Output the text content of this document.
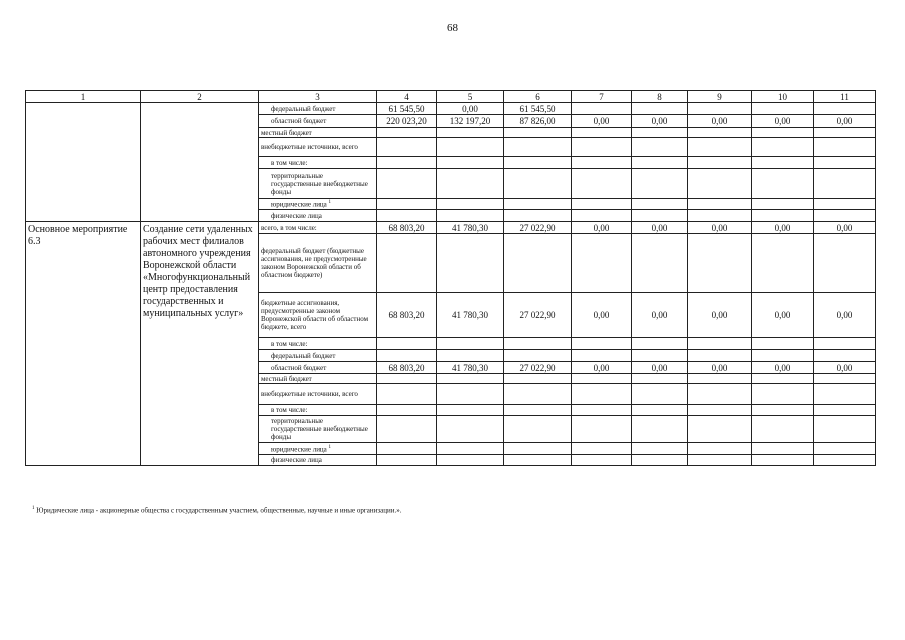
68
1	2	3	4	5	6	7	8	9	10	11
		федеральный бюджет	61 545,50	0,00	61 545,50					
		областной бюджет	220 023,20	132 197,20	87 826,00	0,00	0,00	0,00	0,00	0,00
		местный бюджет								
		внебюджетные источники, всего								
		в том числе:								
		территориальные государственные внебюджетные фонды								
		юридические лица $^1$								
		физические лица								
Основное мероприятие 6.3	Создание сети удаленных рабочих мест филиалов автономного учреждения Воронежской области «Многофункциональный центр предоставления государственных и муниципальных услуг»	всего, в том числе:	68 803,20	41 780,30	27 022,90	0,00	0,00	0,00	0,00	0,00
		федеральный бюджет (бюджетные ассигнования, не предусмотренные законом Воронежской области об областном бюджете)								
		бюджетные ассигнования, предусмотренные законом Воронежской области об областном бюджете, всего	68 803,20	41 780,30	27 022,90	0,00	0,00	0,00	0,00	0,00
		в том числе:								
		федеральный бюджет								
		областной бюджет	68 803,20	41 780,30	27 022,90	0,00	0,00	0,00	0,00	0,00
		местный бюджет								
		внебюджетные источники, всего								
		в том числе:								
		территориальные государственные внебюджетные фонды								
		юридические лица $^1$								
		физические лица								
$^1$ Юридические лица - акционерные общества с государственным участием, общественные, научные и иные организации.».
